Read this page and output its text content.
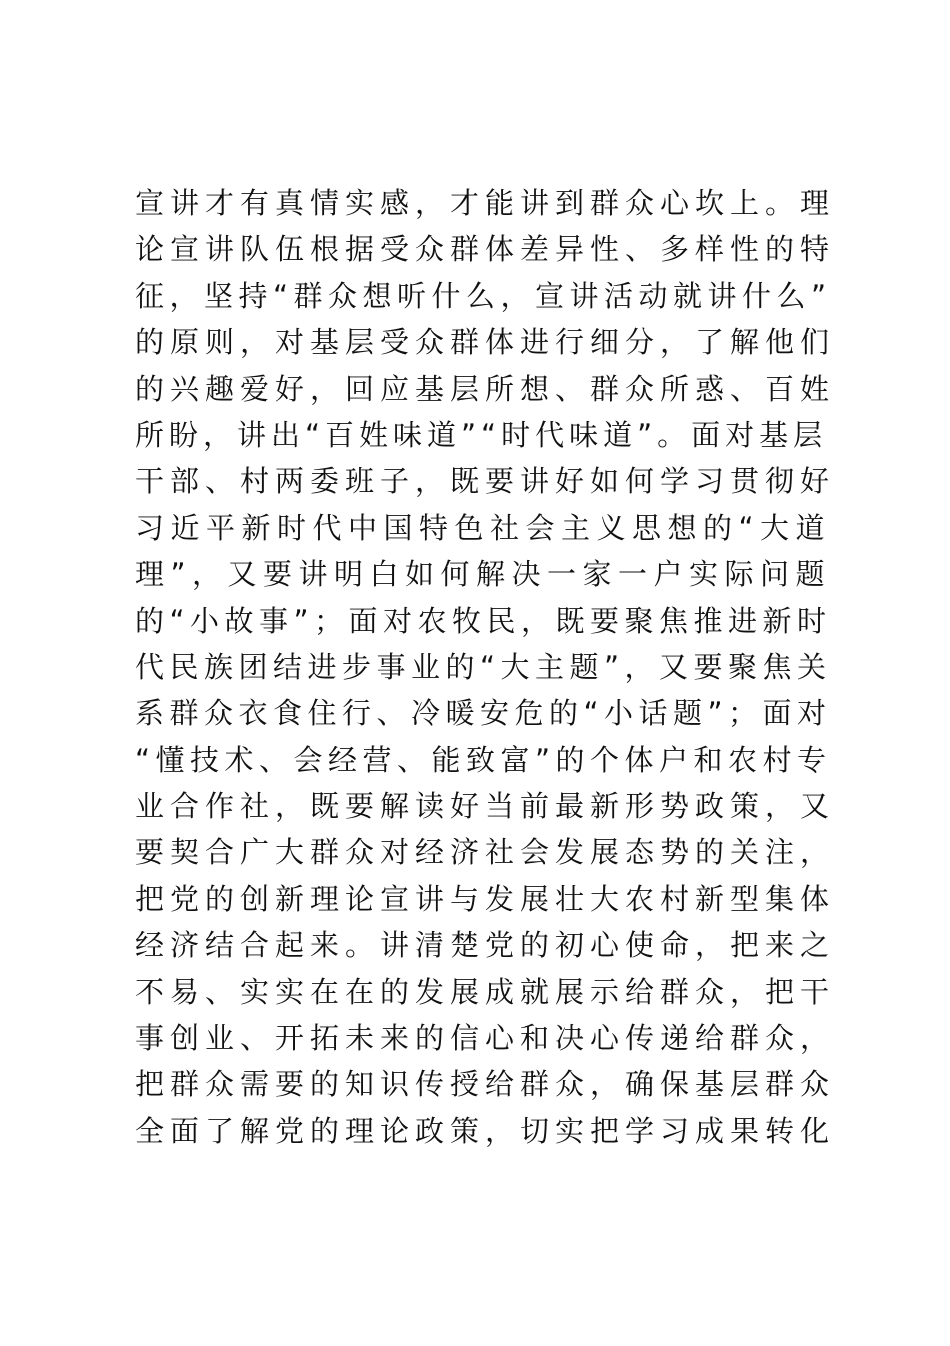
宣讲才有真情实感，才能讲到群众心坎上。理
论宣讲队伍根据受众群体差异性、多样性的特
征，坚持“群众想听什么，宣讲活动就讲什么”
的原则，对基层受众群体进行细分，了解他们
的兴趣爱好，回应基层所想、群众所惑、百姓
所盼，讲出“百姓味道”“时代味道”。面对基层
干部、村两委班子，既要讲好如何学习贯彻好
习近平新时代中国特色社会主义思想的“大道
理”，又要讲明白如何解决一家一户实际问题
的“小故事”；面对农牧民，既要聚焦推进新时
代民族团结进步事业的“大主题”，又要聚焦关
系群众衣食住行、冷暖安危的“小话题”；面对
“懂技术、会经营、能致富”的个体户和农村专
业合作社，既要解读好当前最新形势政策，又
要契合广大群众对经济社会发展态势的关注，
把党的创新理论宣讲与发展壮大农村新型集体
经济结合起来。讲清楚党的初心使命，把来之
不易、实实在在的发展成就展示给群众，把干
事创业、开拓未来的信心和决心传递给群众，
把群众需要的知识传授给群众，确保基层群众
全面了解党的理论政策，切实把学习成果转化
